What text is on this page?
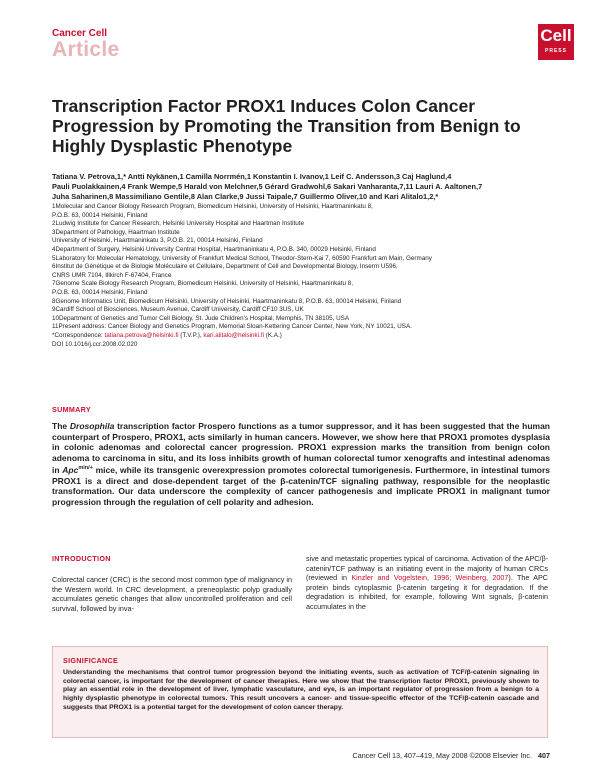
Cancer Cell
Article
Cell
PRESS
Transcription Factor PROX1 Induces Colon Cancer Progression by Promoting the Transition from Benign to Highly Dysplastic Phenotype
Tatiana V. Petrova,1,* Antti Nykänen,1 Camilla Norrmén,1 Konstantin I. Ivanov,1 Leif C. Andersson,3 Caj Haglund,4
Pauli Puolakkainen,4 Frank Wempe,5 Harald von Melchner,5 Gérard Gradwohl,6 Sakari Vanharanta,7,11 Lauri A. Aaltonen,7
Juha Saharinen,8 Massimiliano Gentile,8 Alan Clarke,9 Jussi Taipale,7 Guillermo Oliver,10 and Kari Alitalo1,2,*
1Molecular and Cancer Biology Research Program, Biomedicum Helsinki, University of Helsinki, Haartmaninkatu 8,
P.O.B. 63, 00014 Helsinki, Finland
2Ludwig Institute for Cancer Research, Helsinki University Hospital and Haartman Institute
3Department of Pathology, Haartman Institute
University of Helsinki, Haartmaninkatu 3, P.O.B. 21, 00014 Helsinki, Finland
4Department of Surgery, Helsinki University Central Hospital, Haartmaninkatu 4, P.O.B. 340, 00029 Helsinki, Finland
5Laboratory for Molecular Hematology, University of Frankfurt Medical School, Theodor-Stern-Kai 7, 60590 Frankfurt am Main, Germany
6Institut de Génétique et de Biologie Moléculaire et Cellulaire, Department of Cell and Developmental Biology, Inserm U596,
CNRS UMR 7104, Illkirch F-67404, France
7Genome Scale Biology Research Program, Biomedicum Helsinki, University of Helsinki, Haartmaninkatu 8,
P.O.B. 63, 00014 Helsinki, Finland
8Genome Informatics Unit, Biomedicum Helsinki, University of Helsinki, Haartmaninkatu 8, P.O.B. 63, 00014 Helsinki, Finland
9Cardiff School of Biosciences, Museum Avenue, Cardiff University, Cardiff CF10 3US, UK
10Department of Genetics and Tumor Cell Biology, St. Jude Children's Hospital, Memphis, TN 38105, USA
11Present address: Cancer Biology and Genetics Program, Memorial Sloan-Kettering Cancer Center, New York, NY 10021, USA.
*Correspondence: tatiana.petrova@helsinki.fi (T.V.P.), kari.alitalo@helsinki.fi (K.A.)
DOI 10.1016/j.ccr.2008.02.020
SUMMARY

The Drosophila transcription factor Prospero functions as a tumor suppressor, and it has been suggested that the human counterpart of Prospero, PROX1, acts similarly in human cancers. However, we show here that PROX1 promotes dysplasia in colonic adenomas and colorectal cancer progression. PROX1 expression marks the transition from benign colon adenoma to carcinoma in situ, and its loss inhibits growth of human colorectal tumor xenografts and intestinal adenomas in Apc$^{min/+}$ mice, while its transgenic overexpression promotes colorectal tumorigenesis. Furthermore, in intestinal tumors PROX1 is a direct and dose-dependent target of the β-catenin/TCF signaling pathway, responsible for the neoplastic transformation. Our data underscore the complexity of cancer pathogenesis and implicate PROX1 in malignant tumor progression through the regulation of cell polarity and adhesion.

INTRODUCTION

Colorectal cancer (CRC) is the second most common type of malignancy in the Western world. In CRC development, a preneoplastic polyp gradually accumulates genetic changes that allow uncontrolled proliferation and cell survival, followed by inva-

sive and metastatic properties typical of carcinoma. Activation of the APC/β-catenin/TCF pathway is an initiating event in the majority of human CRCs (reviewed in Kinzler and Vogelstein, 1996; Weinberg, 2007). The APC protein binds cytoplasmic β-catenin targeting it for degradation. If the degradation is inhibited, for example, following Wnt signals, β-catenin accumulates in the

SIGNIFICANCE

Understanding the mechanisms that control tumor progression beyond the initiating events, such as activation of TCF/β-catenin signaling in colorectal cancer, is important for the development of cancer therapies. Here we show that the transcription factor PROX1, previously shown to play an essential role in the development of liver, lymphatic vasculature, and eye, is an important regulator of progression from a benign to a highly dysplastic phenotype in colorectal tumors. This result uncovers a cancer- and tissue-specific effector of the TCF/β-catenin cascade and suggests that PROX1 is a potential target for the development of colon cancer therapy.

Cancer Cell 13, 407–419, May 2008 ©2008 Elsevier Inc. 407
